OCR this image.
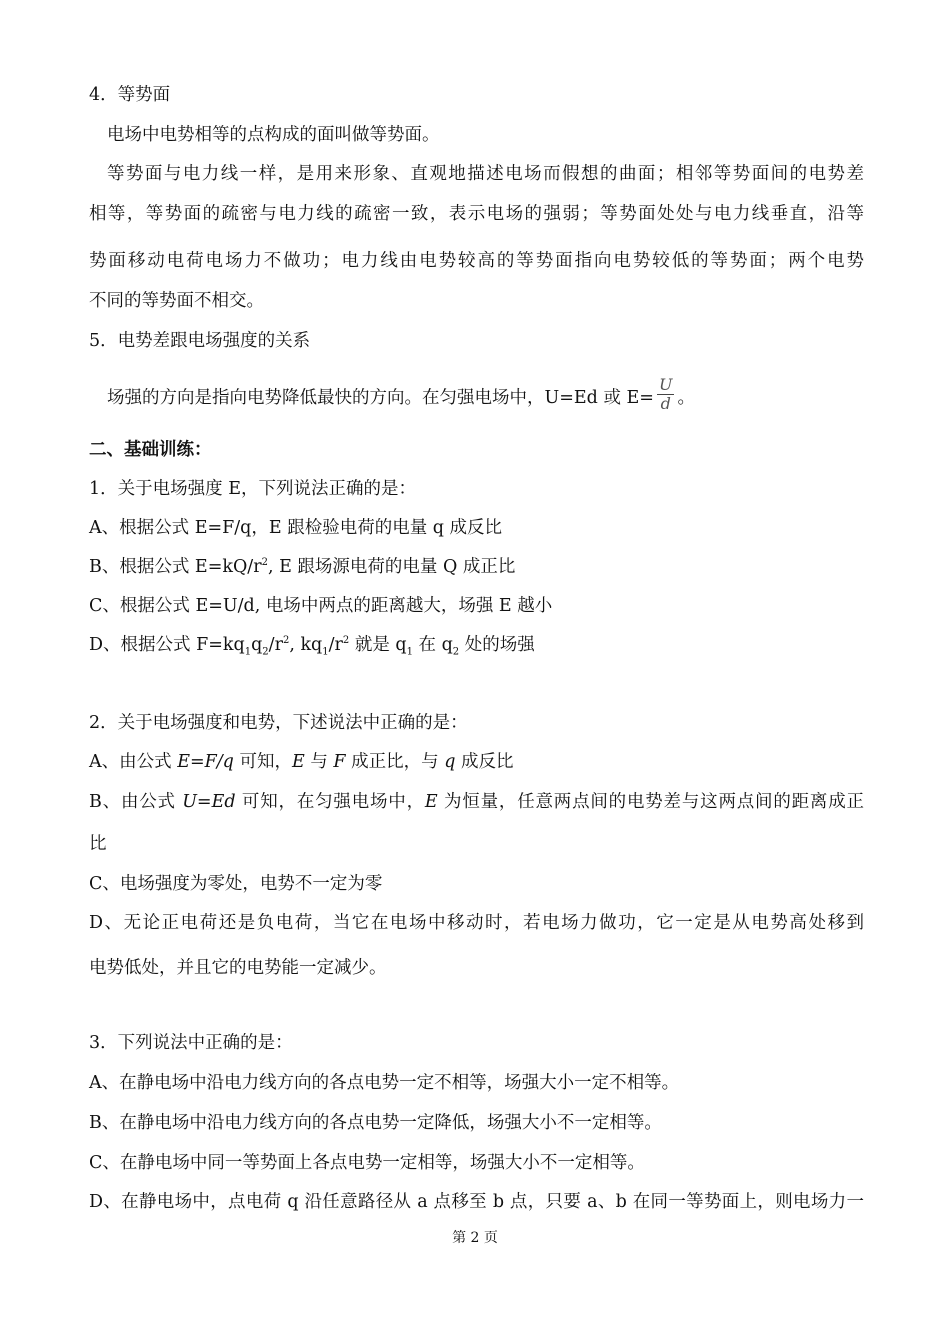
4．等势面
电场中电势相等的点构成的面叫做等势面。
等势面与电力线一样，是用来形象、直观地描述电场而假想的曲面；相邻等势面间的电势差
相等，等势面的疏密与电力线的疏密一致，表示电场的强弱；等势面处处与电力线垂直，沿等
势面移动电荷电场力不做功；电力线由电势较高的等势面指向电势较低的等势面；两个电势
不同的等势面不相交。
5．电势差跟电场强度的关系
场强的方向是指向电势降低最快的方向。在匀强电场中，U=Ed 或 $E= \frac{U}{d}$ 。
二、基础训练：
1．关于电场强度 E，下列说法正确的是：
A、根据公式 E=F/q，E 跟检验电荷的电量 q 成反比
B、根据公式 $E=kQ/r^2$, E 跟场源电荷的电量 Q 成正比
C、根据公式 E=U/d, 电场中两点的距离越大，场强 E 越小
D、根据公式 $F=kq_1q_2/r^2$, $kq_1/r^2$ 就是 $q_1$ 在 $q_2$ 处的场强
2．关于电场强度和电势，下述说法中正确的是：
A、由公式 E=F/q 可知，E 与 F 成正比，与 q 成反比
B、由公式 U=Ed 可知，在匀强电场中，E 为恒量，任意两点间的电势差与这两点间的距离成正
比
C、电场强度为零处，电势不一定为零
D、无论正电荷还是负电荷，当它在电场中移动时，若电场力做功，它一定是从电势高处移到
电势低处，并且它的电势能一定减少。
3．下列说法中正确的是：
A、在静电场中沿电力线方向的各点电势一定不相等，场强大小一定不相等。
B、在静电场中沿电力线方向的各点电势一定降低，场强大小不一定相等。
C、在静电场中同一等势面上各点电势一定相等，场强大小不一定相等。
D、在静电场中，点电荷 q 沿任意路径从 a 点移至 b 点，只要 a、b 在同一等势面上，则电场力一
第 2 页
